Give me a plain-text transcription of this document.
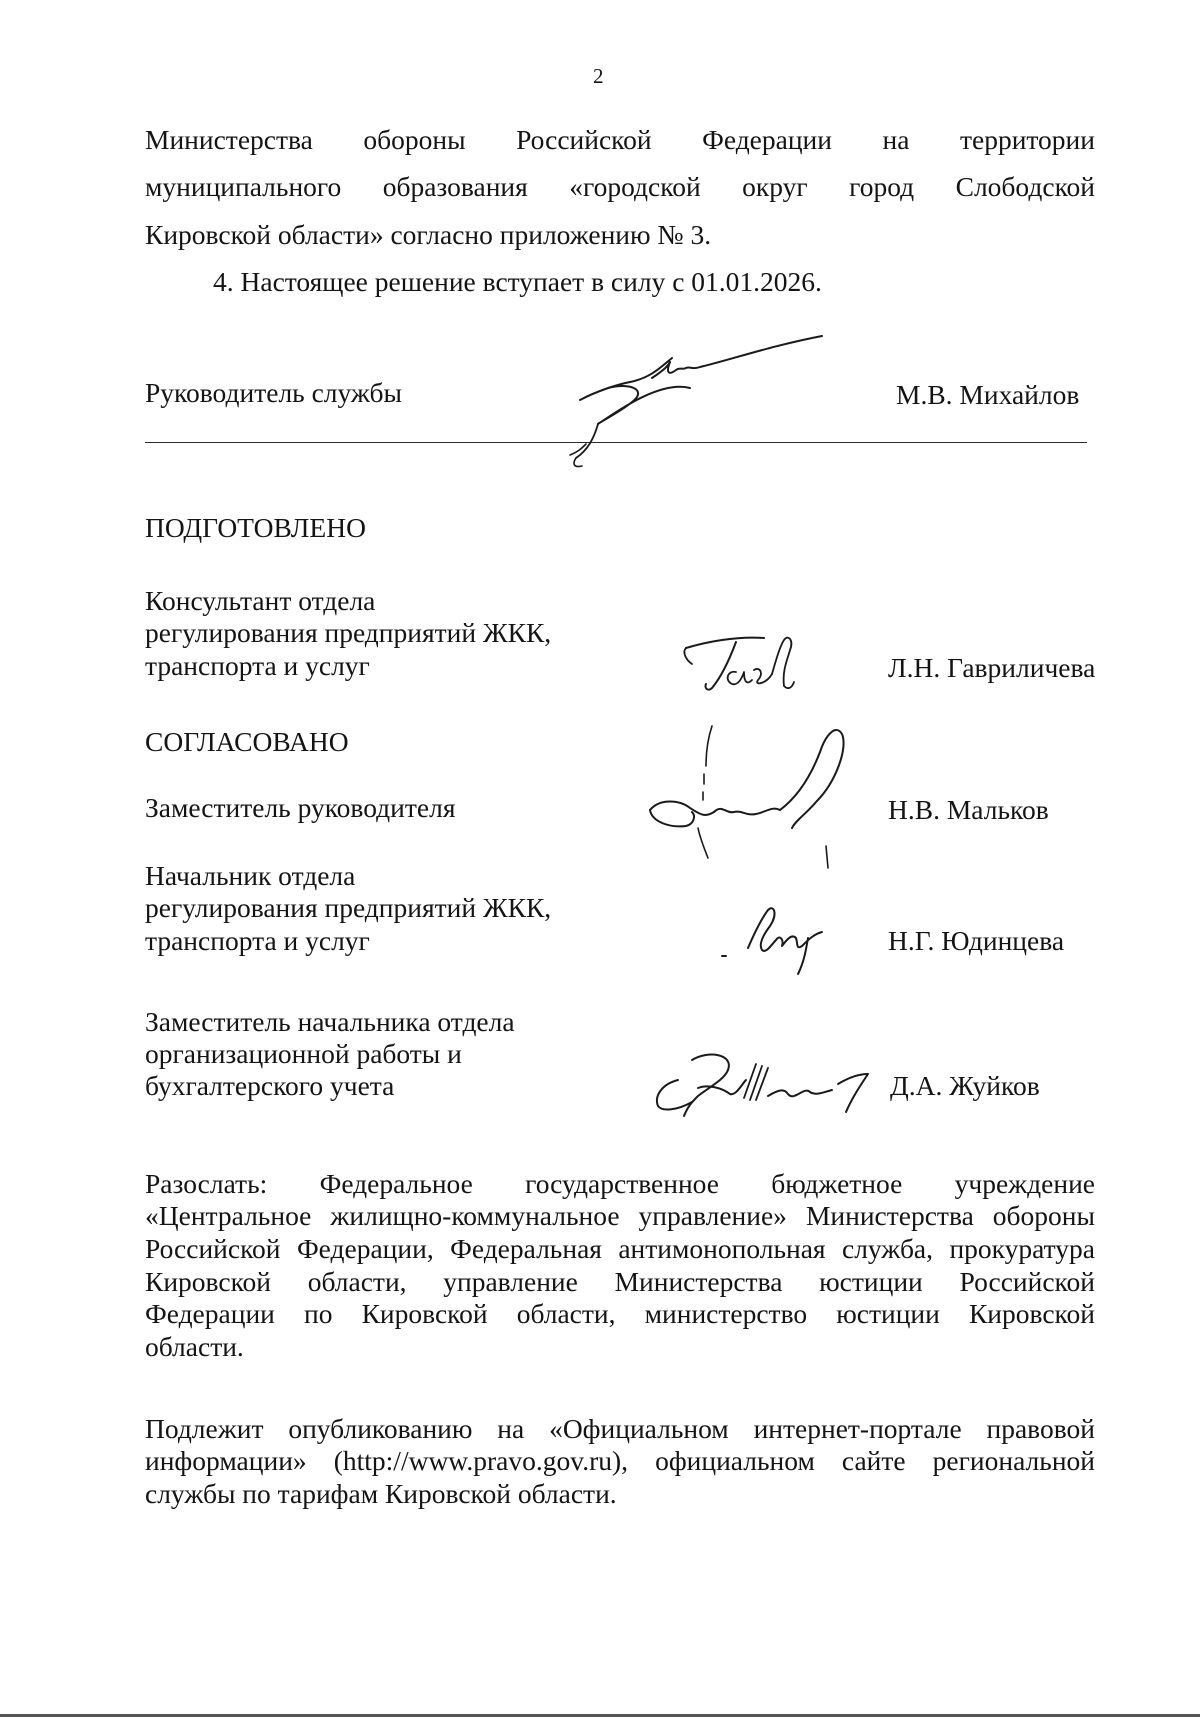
2
Министерства обороны Российской Федерации на территории
муниципального образования «городской округ город Слободской
Кировской области» согласно приложению № 3.
4. Настоящее решение вступает в силу с 01.01.2026.
Руководитель службы	М.В. Михайлов
ПОДГОТОВЛЕНО
Консультант отдела
регулирования предприятий ЖКК,
транспорта и услуг	Л.Н. Гавриличева
СОГЛАСОВАНО
Заместитель руководителя	Н.В. Мальков
Начальник отдела
регулирования предприятий ЖКК,
транспорта и услуг	Н.Г. Юдинцева
Заместитель начальника отдела
организационной работы и
бухгалтерского учета	Д.А. Жуйков
Разослать: Федеральное государственное бюджетное учреждение
«Центральное жилищно-коммунальное управление» Министерства обороны
Российской Федерации, Федеральная антимонопольная служба, прокуратура
Кировской области, управление Министерства юстиции Российской
Федерации по Кировской области, министерство юстиции Кировской
области.
Подлежит опубликованию на «Официальном интернет-портале правовой
информации» (http://www.pravo.gov.ru), официальном сайте региональной
службы по тарифам Кировской области.
